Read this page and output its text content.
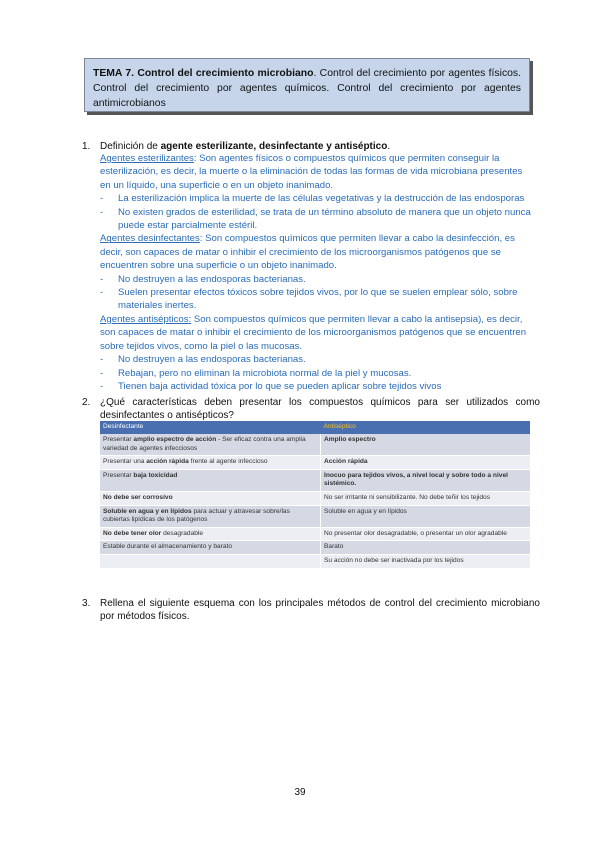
TEMA 7. Control del crecimiento microbiano. Control del crecimiento por agentes físicos. Control del crecimiento por agentes químicos. Control del crecimiento por agentes antimicrobianos
1. Definición de agente esterilizante, desinfectante y antiséptico.
Agentes esterilizantes: Son agentes físicos o compuestos químicos que permiten conseguir la esterilización, es decir, la muerte o la eliminación de todas las formas de vida microbiana presentes en un líquido, una superficie o en un objeto inanimado.
- La esterilización implica la muerte de las células vegetativas y la destrucción de las endosporas
- No existen grados de esterilidad, se trata de un término absoluto de manera que un objeto nunca puede estar parcialmente estéril.
Agentes desinfectantes: Son compuestos químicos que permiten llevar a cabo la desinfección, es decir, son capaces de matar o inhibir el crecimiento de los microorganismos patógenos que se encuentren sobre una superficie o un objeto inanimado.
- No destruyen a las endosporas bacterianas.
- Suelen presentar efectos tóxicos sobre tejidos vivos, por lo que se suelen emplear sólo, sobre materiales inertes.
Agentes antisépticos: Son compuestos químicos que permiten llevar a cabo la antisepsia), es decir, son capaces de matar o inhibir el crecimiento de los microorganismos patógenos que se encuentren sobre tejidos vivos, como la piel o las mucosas.
- No destruyen a las endosporas bacterianas.
- Rebajan, pero no eliminan la microbiota normal de la piel y mucosas.
- Tienen baja actividad tóxica por lo que se pueden aplicar sobre tejidos vivos
2. ¿Qué características deben presentar los compuestos químicos para ser utilizados como desinfectantes o antisépticos?
Desinfectante	Antiséptico
Presentar amplio espectro de acción - Ser eficaz contra una amplia variedad de agentes infecciosos	Amplio espectro
Presentar una acción rápida frente al agente infeccioso	Acción rápida
Presentar baja toxicidad	Inocuo para tejidos vivos, a nivel local y sobre todo a nivel sistémico.
No debe ser corrosivo	No ser irritante ni sensibilizante. No debe teñir los tejidos
Soluble en agua y en lípidos para actuar y atravesar sobre/las cubiertas lipídicas de los patógenos	Soluble en agua y en lípidos
No debe tener olor desagradable	No presentar olor desagradable, o presentar un olor agradable
Estable durante el almacenamiento y barato	Barato
	Su acción no debe ser inactivada por los tejidos
3. Rellena el siguiente esquema con los principales métodos de control del crecimiento microbiano por métodos físicos.
39
